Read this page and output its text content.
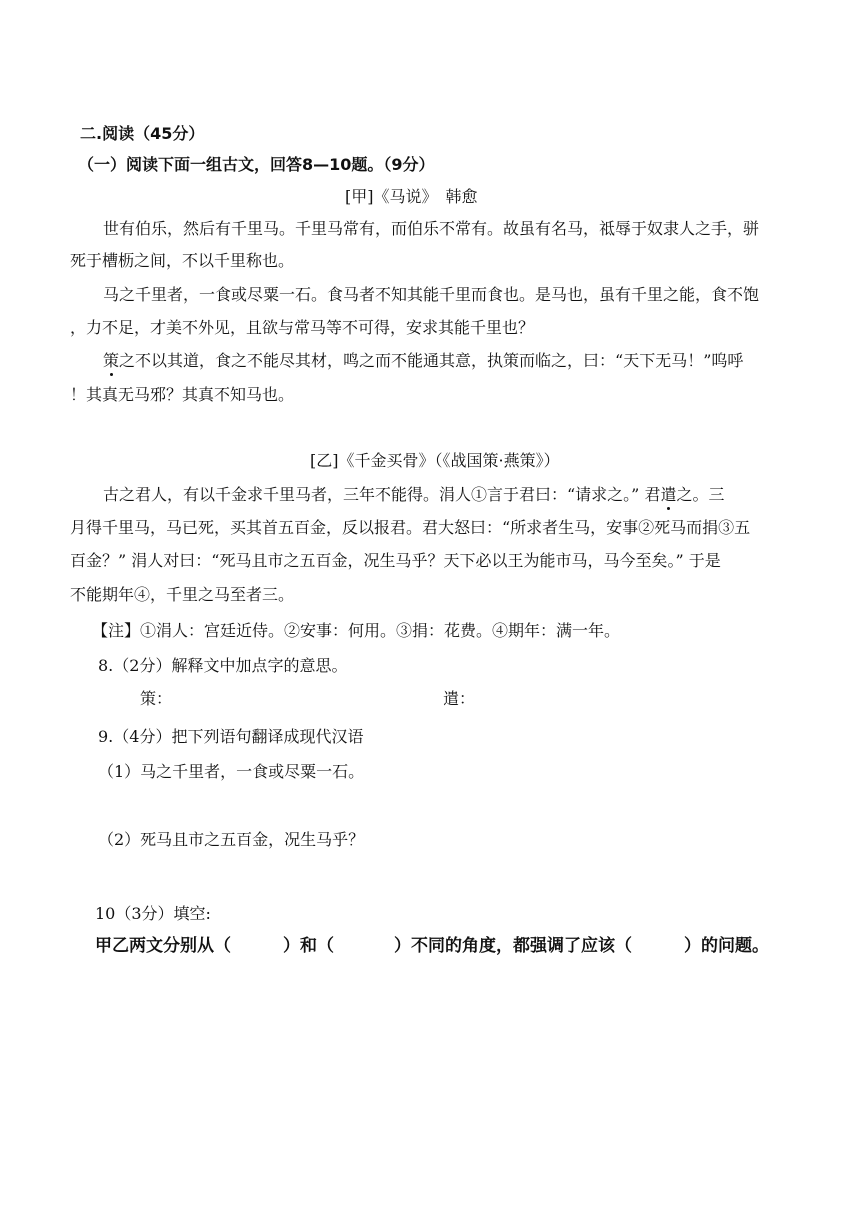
二.阅读（45分）
（一）阅读下面一组古文，回答8—10题。（9分）
[甲]《马说》　韩愈
世有伯乐，然后有千里马。千里马常有，而伯乐不常有。故虽有名马，祗辱于奴隶人之手，骈
死于槽枥之间，不以千里称也。
马之千里者，一食或尽粟一石。食马者不知其能千里而食也。是马也，虽有千里之能，食不饱
，力不足，才美不外见，且欲与常马等不可得，安求其能千里也？
策之不以其道，食之不能尽其材，鸣之而不能通其意，执策而临之，曰：“天下无马！”呜呼
！其真无马邪？其真不知马也。
[乙]《千金买骨》（《战国策·燕策》）
古之君人，有以千金求千里马者，三年不能得。涓人①言于君曰：“请求之。” 君遣之。三
月得千里马，马已死，买其首五百金，反以报君。君大怒曰：“所求者生马，安事②死马而捐③五
百金？” 涓人对曰：“死马且市之五百金，况生马乎？天下必以王为能市马，马今至矣。” 于是
不能期年④，千里之马至者三。
【注】①涓人：宫廷近侍。②安事：何用。③捐：花费。④期年：满一年。
8.（2分）解释文中加点字的意思。
策：	遣：
9.（4分）把下列语句翻译成现代汉语
（1）马之千里者，一食或尽粟一石。
（2）死马且市之五百金，况生马乎？
10（3分）填空:
甲乙两文分别从（	）和（	）不同的角度，都强调了应该（	）的问题。
